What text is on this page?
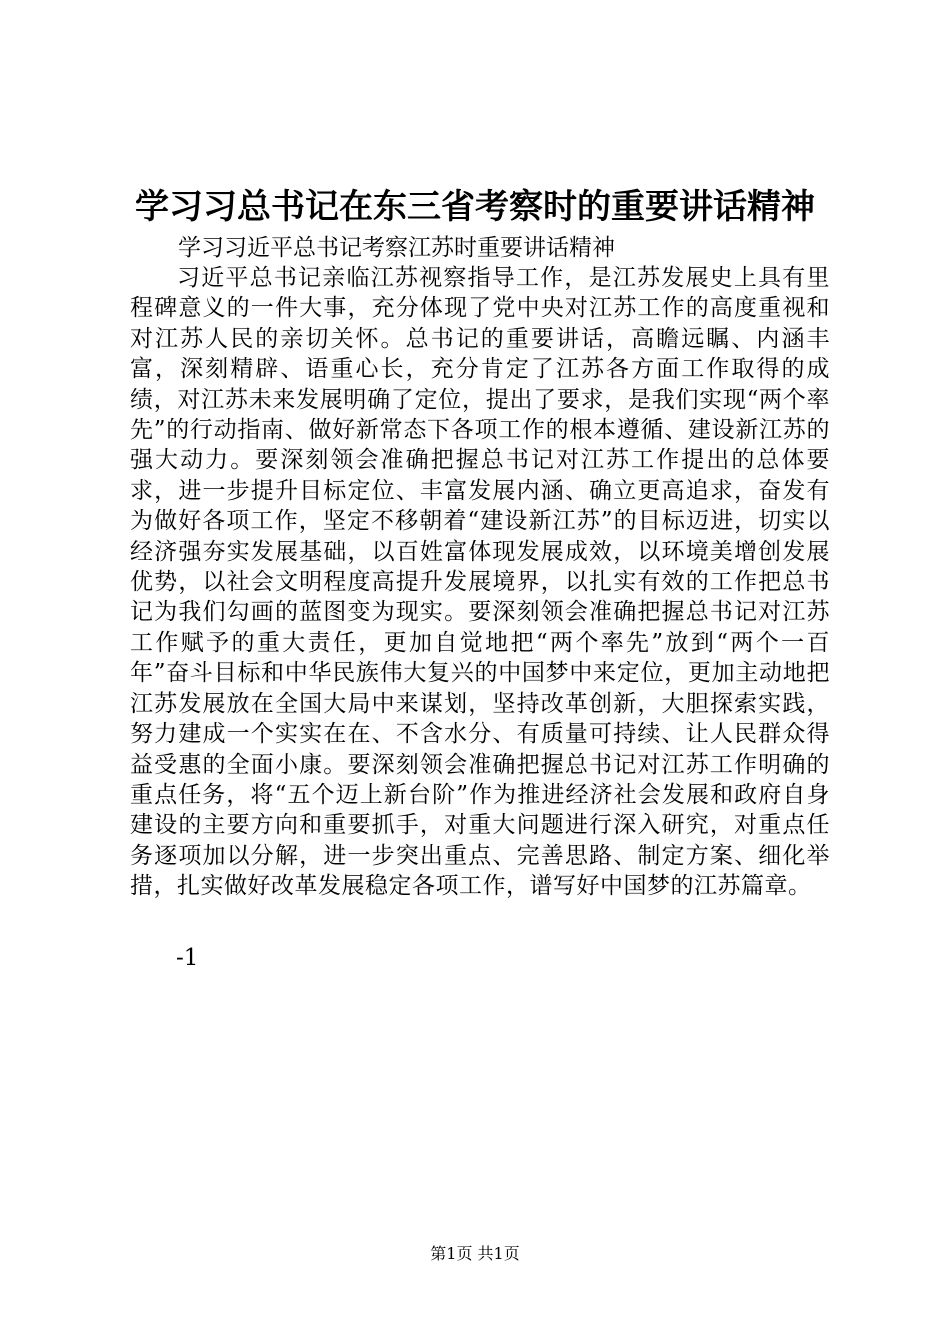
学习习总书记在东三省考察时的重要讲话精神

学习习近平总书记考察江苏时重要讲话精神

习近平总书记亲临江苏视察指导工作，是江苏发展史上具有里程碑意义的一件大事，充分体现了党中央对江苏工作的高度重视和对江苏人民的亲切关怀。总书记的重要讲话，高瞻远瞩、内涵丰富，深刻精辟、语重心长，充分肯定了江苏各方面工作取得的成绩，对江苏未来发展明确了定位，提出了要求，是我们实现“两个率先”的行动指南、做好新常态下各项工作的根本遵循、建设新江苏的强大动力。要深刻领会准确把握总书记对江苏工作提出的总体要求，进一步提升目标定位、丰富发展内涵、确立更高追求，奋发有为做好各项工作，坚定不移朝着“建设新江苏”的目标迈进，切实以经济强夯实发展基础，以百姓富体现发展成效，以环境美增创发展优势，以社会文明程度高提升发展境界，以扎实有效的工作把总书记为我们勾画的蓝图变为现实。要深刻领会准确把握总书记对江苏工作赋予的重大责任，更加自觉地把“两个率先”放到“两个一百年”奋斗目标和中华民族伟大复兴的中国梦中来定位，更加主动地把江苏发展放在全国大局中来谋划，坚持改革创新，大胆探索实践，努力建成一个实实在在、不含水分、有质量可持续、让人民群众得益受惠的全面小康。要深刻领会准确把握总书记对江苏工作明确的重点任务，将“五个迈上新台阶”作为推进经济社会发展和政府自身建设的主要方向和重要抓手，对重大问题进行深入研究，对重点任务逐项加以分解，进一步突出重点、完善思路、制定方案、细化举措，扎实做好改革发展稳定各项工作，谱写好中国梦的江苏篇章。

-1

第1页 共1页
